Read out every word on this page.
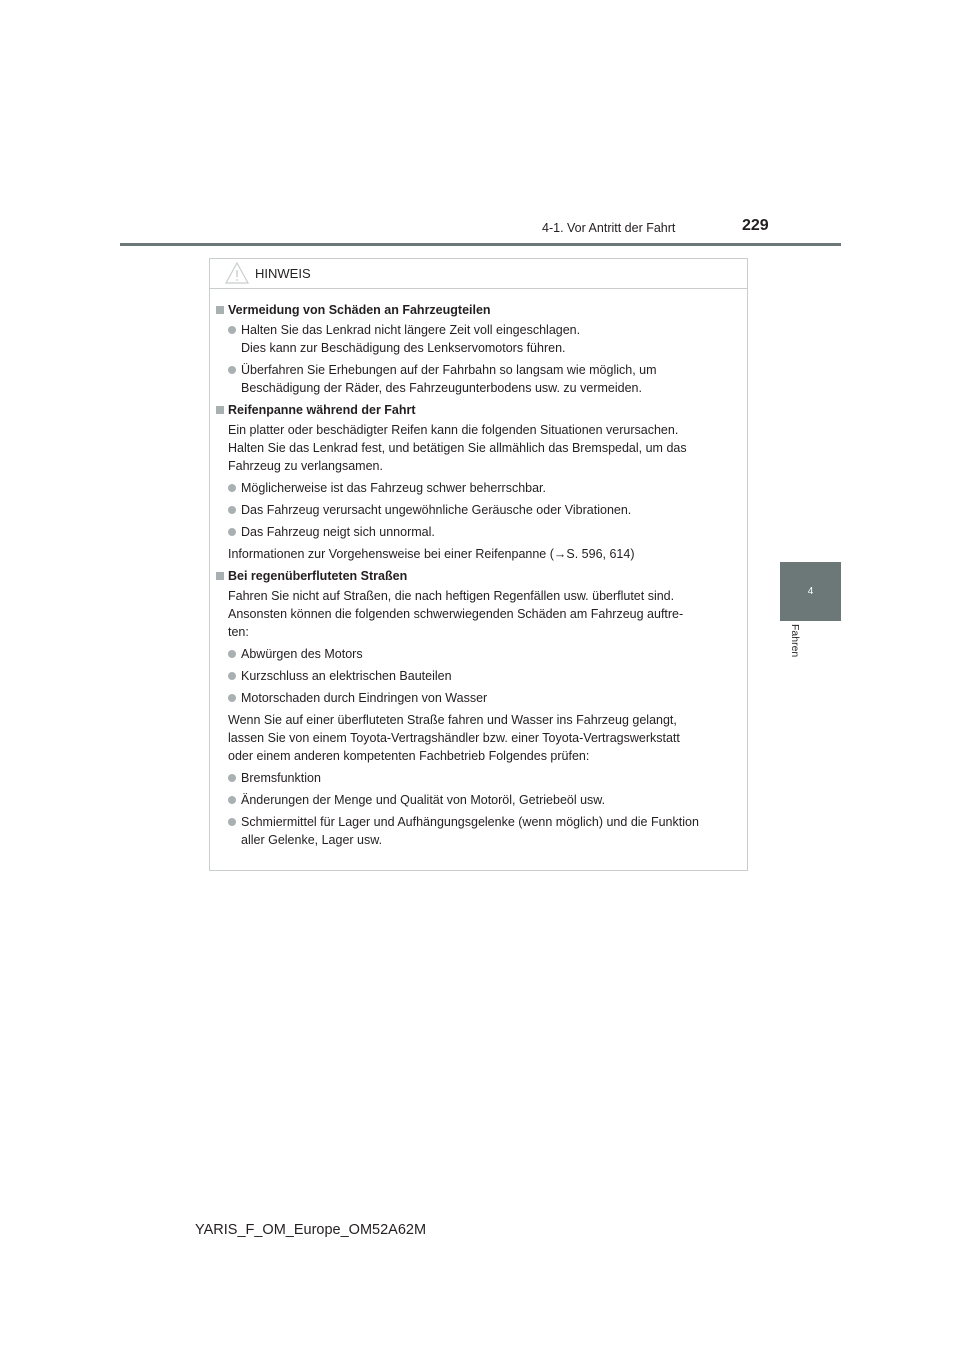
4-1. Vor Antritt der Fahrt	229
4
Fahren
HINWEIS
Vermeidung von Schäden an Fahrzeugteilen
Halten Sie das Lenkrad nicht längere Zeit voll eingeschlagen.
Dies kann zur Beschädigung des Lenkservomotors führen.
Überfahren Sie Erhebungen auf der Fahrbahn so langsam wie möglich, um
Beschädigung der Räder, des Fahrzeugunterbodens usw. zu vermeiden.
Reifenpanne während der Fahrt
Ein platter oder beschädigter Reifen kann die folgenden Situationen verursachen.
Halten Sie das Lenkrad fest, und betätigen Sie allmählich das Bremspedal, um das
Fahrzeug zu verlangsamen.
Möglicherweise ist das Fahrzeug schwer beherrschbar.
Das Fahrzeug verursacht ungewöhnliche Geräusche oder Vibrationen.
Das Fahrzeug neigt sich unnormal.
Informationen zur Vorgehensweise bei einer Reifenpanne (→S. 596, 614)
Bei regenüberfluteten Straßen
Fahren Sie nicht auf Straßen, die nach heftigen Regenfällen usw. überflutet sind.
Ansonsten können die folgenden schwerwiegenden Schäden am Fahrzeug auftre-
ten:
Abwürgen des Motors
Kurzschluss an elektrischen Bauteilen
Motorschaden durch Eindringen von Wasser
Wenn Sie auf einer überfluteten Straße fahren und Wasser ins Fahrzeug gelangt,
lassen Sie von einem Toyota-Vertragshändler bzw. einer Toyota-Vertragswerkstatt
oder einem anderen kompetenten Fachbetrieb Folgendes prüfen:
Bremsfunktion
Änderungen der Menge und Qualität von Motoröl, Getriebeöl usw.
Schmiermittel für Lager und Aufhängungsgelenke (wenn möglich) und die Funktion
aller Gelenke, Lager usw.
YARIS_F_OM_Europe_OM52A62M
